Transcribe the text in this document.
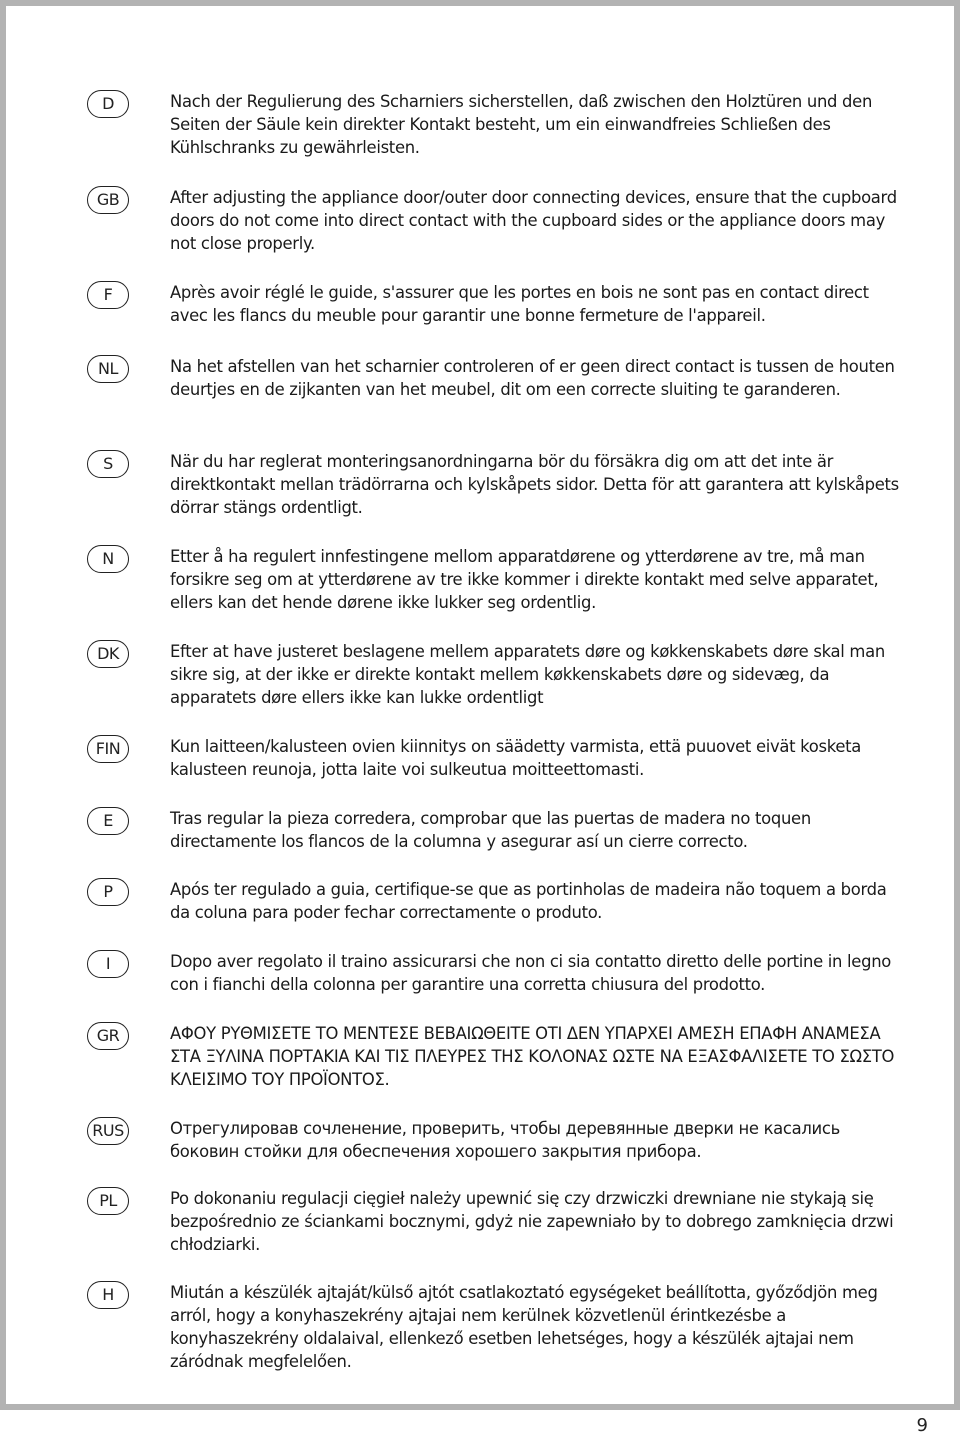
D	Nach der Regulierung des Scharniers sicherstellen, daß zwischen den Holztüren und den Seiten der Säule kein direkter Kontakt besteht, um ein einwandfreies Schließen des Kühlschranks zu gewährleisten.

GB	After adjusting the appliance door/outer door connecting devices, ensure that the cupboard doors do not come into direct contact with the cupboard sides or the appliance doors may not close properly.

F	Après avoir réglé le guide, s'assurer que les portes en bois ne sont pas en contact direct avec les flancs du meuble pour garantir une bonne fermeture de l'appareil.

NL	Na het afstellen van het scharnier controleren of er geen direct contact is tussen de houten deurtjes en de zijkanten van het meubel, dit om een correcte sluiting te garanderen.

S	När du har reglerat monteringsanordningarna bör du försäkra dig om att det inte är direktkontakt mellan trädörrarna och kylskåpets sidor. Detta för att garantera att kylskåpets dörrar stängs ordentligt.

N	Etter å ha regulert innfestingene mellom apparatdørene og ytterdørene av tre, må man forsikre seg om at ytterdørene av tre ikke kommer i direkte kontakt med selve apparatet, ellers kan det hende dørene ikke lukker seg ordentlig.

DK	Efter at have justeret beslagene mellem apparatets døre og køkkenskabets døre skal man sikre sig, at der ikke er direkte kontakt mellem køkkenskabets døre og sidevæg, da apparatets døre ellers ikke kan lukke ordentligt

FIN	Kun laitteen/kalusteen ovien kiinnitys on säädetty varmista, että puuovet eivät kosketa kalusteen reunoja, jotta laite voi sulkeutua moitteettomasti.

E	Tras regular la pieza corredera, comprobar que las puertas de madera no toquen directamente los flancos de la columna y asegurar así un cierre correcto.

P	Após ter regulado a guia, certifique-se que as portinholas de madeira não toquem a borda da coluna para poder fechar correctamente o produto.

I	Dopo aver regolato il traino assicurarsi che non ci sia contatto diretto delle portine in legno con i fianchi della colonna per garantire una corretta chiusura del prodotto.

GR	ΑΦΟΥ ΡΥΘΜΙΣΕΤΕ ΤΟ ΜΕΝΤΕΣΕ ΒΕΒΑΙΩΘΕΙΤΕ ΟΤΙ ΔΕΝ ΥΠΑΡΧΕΙ ΑΜΕΣΗ ΕΠΑΦΗ ΑΝΑΜΕΣΑ ΣΤΑ ΞΥΛΙΝΑ ΠΟΡΤΑΚΙΑ ΚΑΙ ΤΙΣ ΠΛΕΥΡΕΣ ΤΗΣ ΚΟΛΟΝΑΣ ΩΣΤΕ ΝΑ ΕΞΑΣΦΑΛΙΣΕΤΕ ΤΟ ΣΩΣΤΟ ΚΛΕΙΣΙΜΟ ΤΟΥ ΠΡΟΪΟΝΤΟΣ.

RUS	Отрегулировав сочленение, проверить, чтобы деревянные дверки не касались боковин стойки для обеспечения хорошего закрытия прибора.

PL	Po dokonaniu regulacji cięgieł należy upewnić się czy drzwiczki drewniane nie stykają się bezpośrednio ze ściankami bocznymi, gdyż nie zapewniało by to dobrego zamknięcia drzwi chłodziarki.

H	Miután a készülék ajtaját/külső ajtót csatlakoztató egységeket beállította, győződjön meg arról, hogy a konyhaszekrény ajtajai nem kerülnek közvetlenül érintkezésbe a konyhaszekrény oldalaival, ellenkező esetben lehetséges, hogy a készülék ajtajai nem záródnak megfelelően.

9
